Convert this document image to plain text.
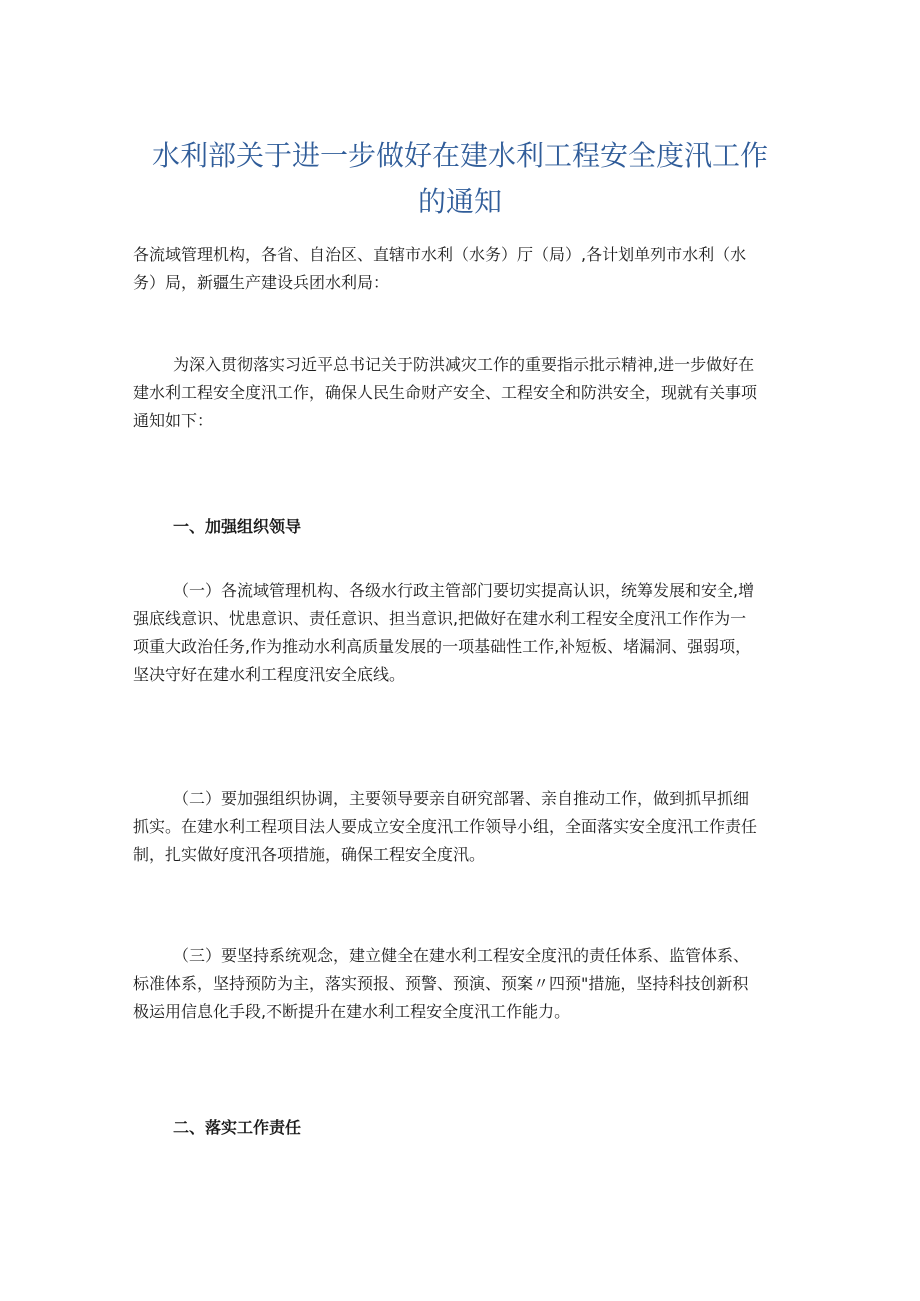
水利部关于进一步做好在建水利工程安全度汛工作
的通知

各流域管理机构，各省、自治区、直辖市水利（水务）厅（局）,各计划单列市水利（水
务）局，新疆生产建设兵团水利局：

为深入贯彻落实习近平总书记关于防洪减灾工作的重要指示批示精神,进一步做好在
建水利工程安全度汛工作，确保人民生命财产安全、工程安全和防洪安全，现就有关事项
通知如下：

一、加强组织领导

（一）各流域管理机构、各级水行政主管部门要切实提高认识，统筹发展和安全,增
强底线意识、忧患意识、责任意识、担当意识,把做好在建水利工程安全度汛工作作为一
项重大政治任务,作为推动水利高质量发展的一项基础性工作,补短板、堵漏洞、强弱项，
坚决守好在建水利工程度汛安全底线。

（二）要加强组织协调，主要领导要亲自研究部署、亲自推动工作，做到抓早抓细
抓实。在建水利工程项目法人要成立安全度汛工作领导小组，全面落实安全度汛工作责任
制，扎实做好度汛各项措施，确保工程安全度汛。

（三）要坚持系统观念，建立健全在建水利工程安全度汛的责任体系、监管体系、
标准体系，坚持预防为主，落实预报、预警、预演、预案〃四预"措施，坚持科技创新积
极运用信息化手段,不断提升在建水利工程安全度汛工作能力。

二、落实工作责任
